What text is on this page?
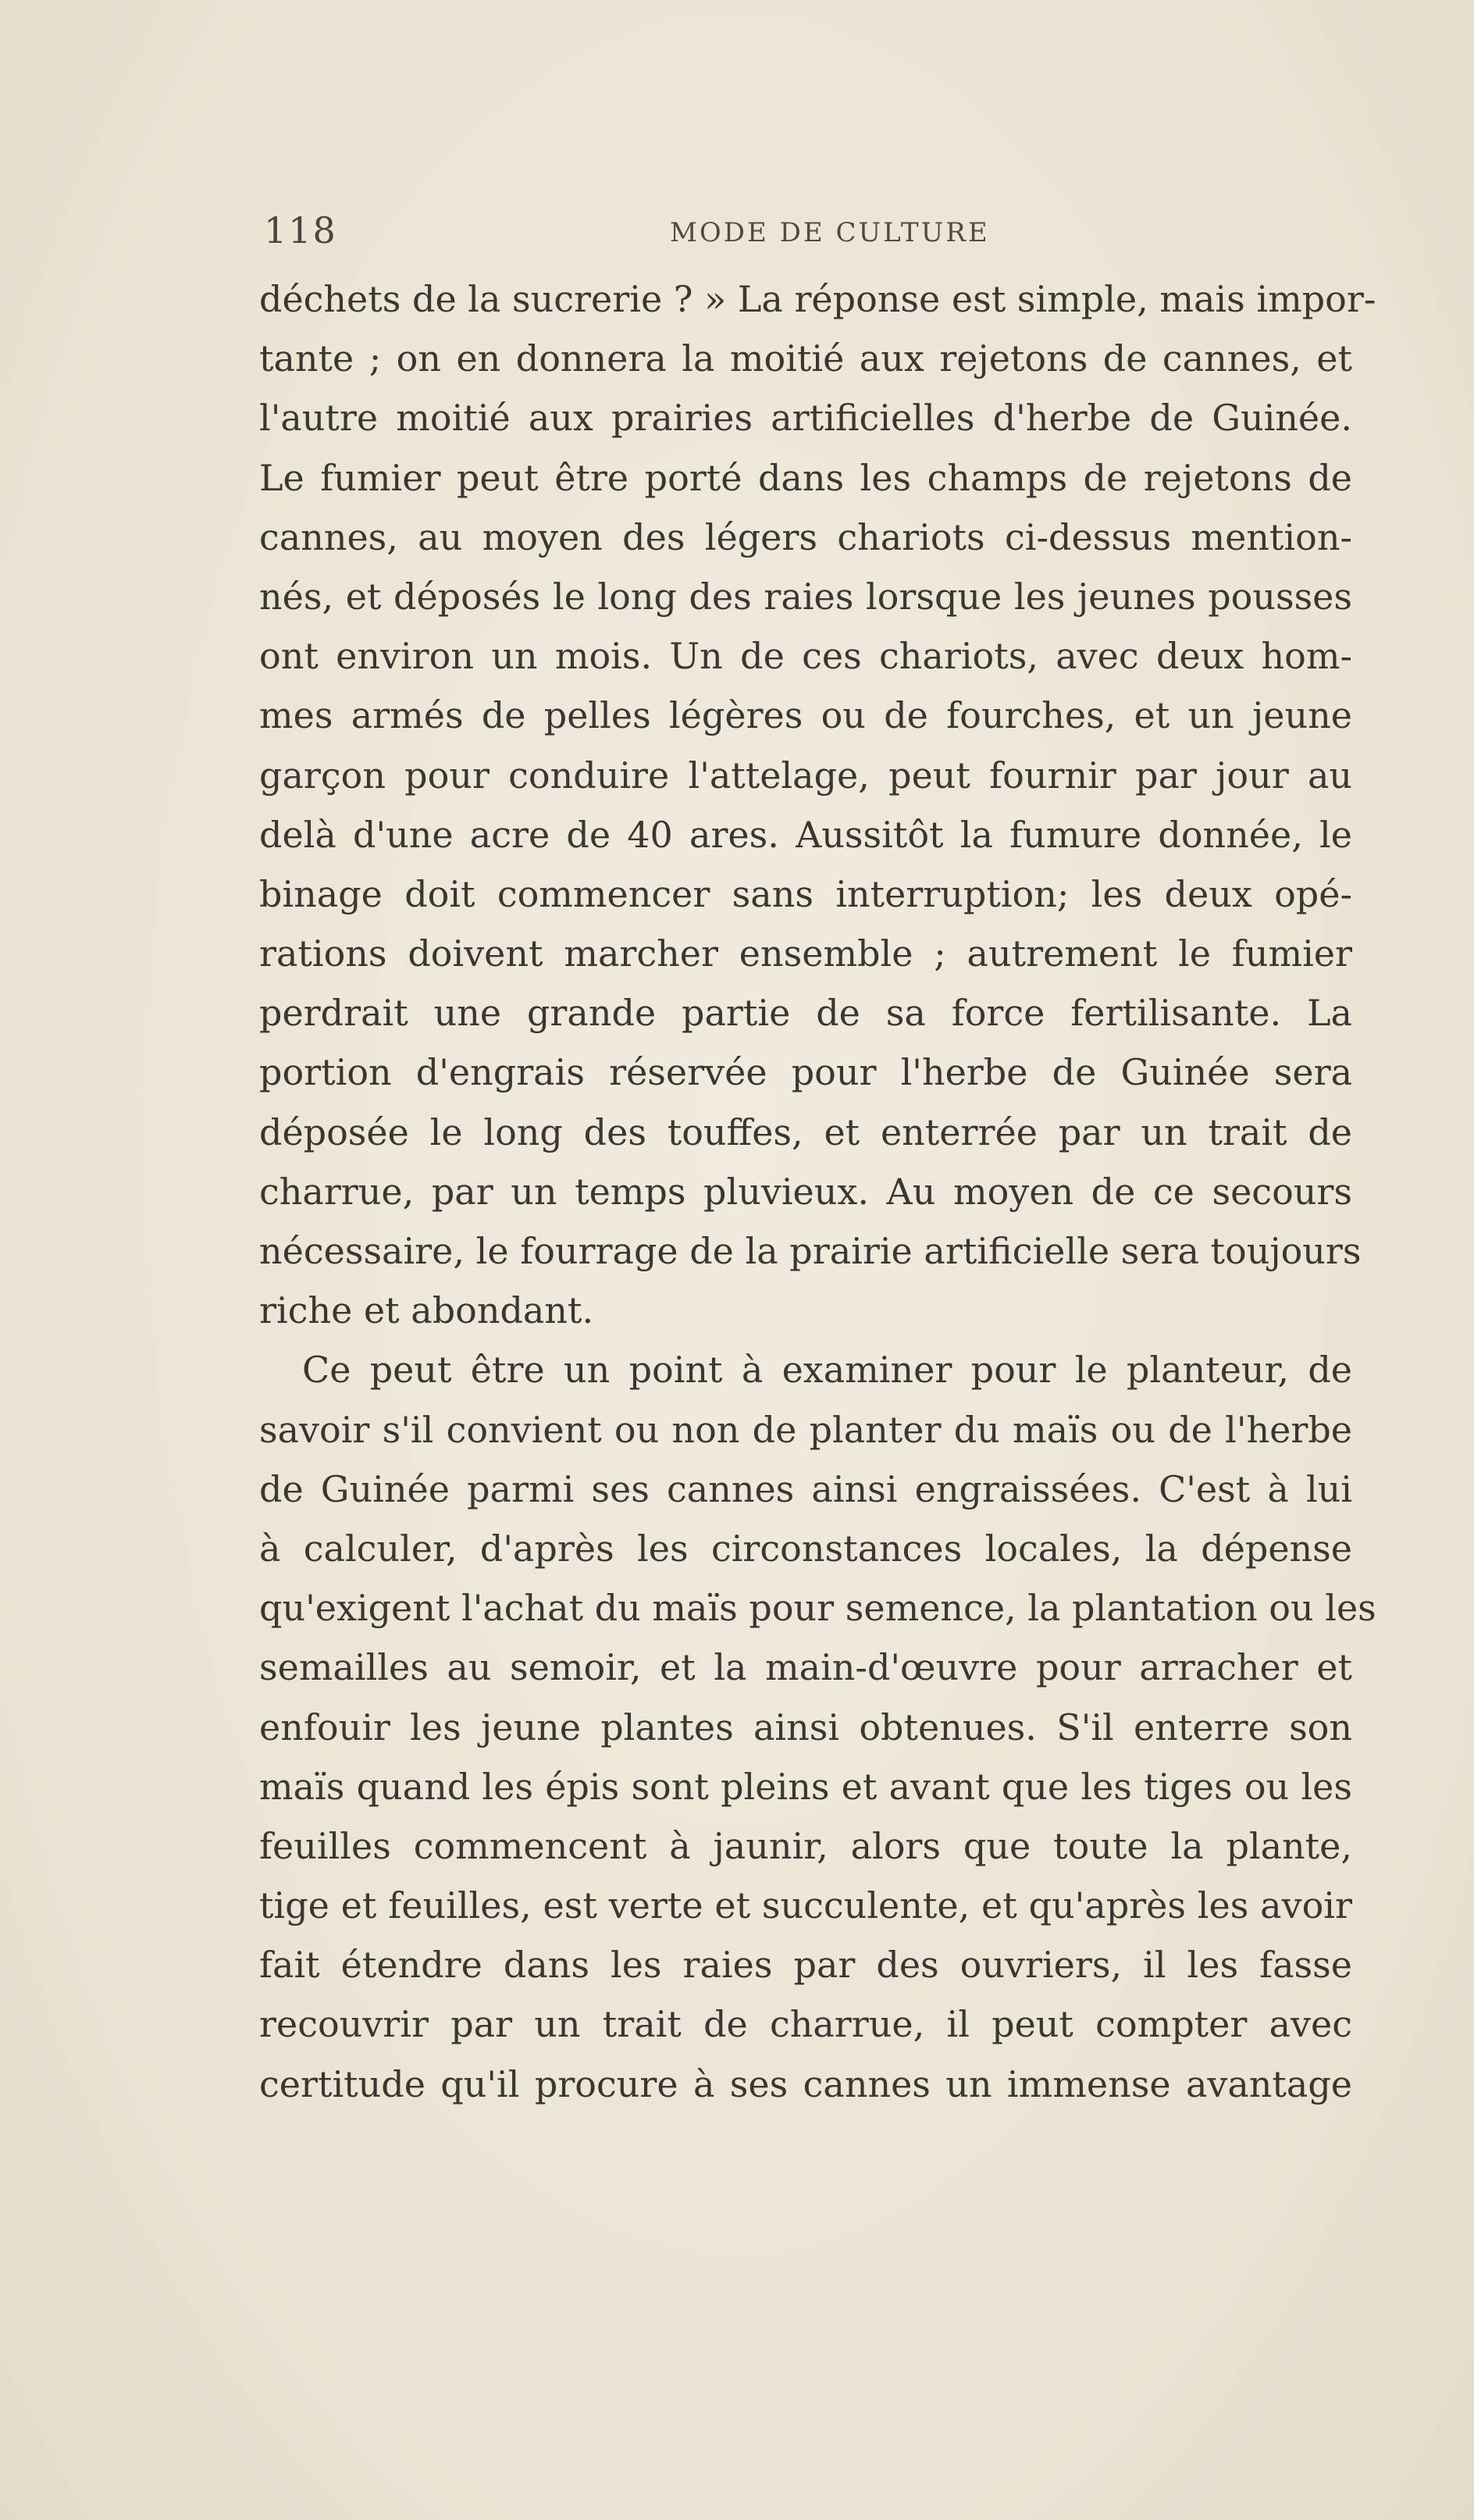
118	MODE DE CULTURE
déchets de la sucrerie ? » La réponse est simple, mais impor-
tante ; on en donnera la moitié aux rejetons de cannes, et
l'autre moitié aux prairies artificielles d'herbe de Guinée.
Le fumier peut être porté dans les champs de rejetons de
cannes, au moyen des légers chariots ci-dessus mention-
nés, et déposés le long des raies lorsque les jeunes pousses
ont environ un mois. Un de ces chariots, avec deux hom-
mes armés de pelles légères ou de fourches, et un jeune
garçon pour conduire l'attelage, peut fournir par jour au
delà d'une acre de 40 ares. Aussitôt la fumure donnée, le
binage doit commencer sans interruption; les deux opé-
rations doivent marcher ensemble ; autrement le fumier
perdrait une grande partie de sa force fertilisante. La
portion d'engrais réservée pour l'herbe de Guinée sera
déposée le long des touffes, et enterrée par un trait de
charrue, par un temps pluvieux. Au moyen de ce secours
nécessaire, le fourrage de la prairie artificielle sera toujours
riche et abondant.
Ce peut être un point à examiner pour le planteur, de
savoir s'il convient ou non de planter du maïs ou de l'herbe
de Guinée parmi ses cannes ainsi engraissées. C'est à lui
à calculer, d'après les circonstances locales, la dépense
qu'exigent l'achat du maïs pour semence, la plantation ou les
semailles au semoir, et la main-d'œuvre pour arracher et
enfouir les jeune plantes ainsi obtenues. S'il enterre son
maïs quand les épis sont pleins et avant que les tiges ou les
feuilles commencent à jaunir, alors que toute la plante,
tige et feuilles, est verte et succulente, et qu'après les avoir
fait étendre dans les raies par des ouvriers, il les fasse
recouvrir par un trait de charrue, il peut compter avec
certitude qu'il procure à ses cannes un immense avantage
